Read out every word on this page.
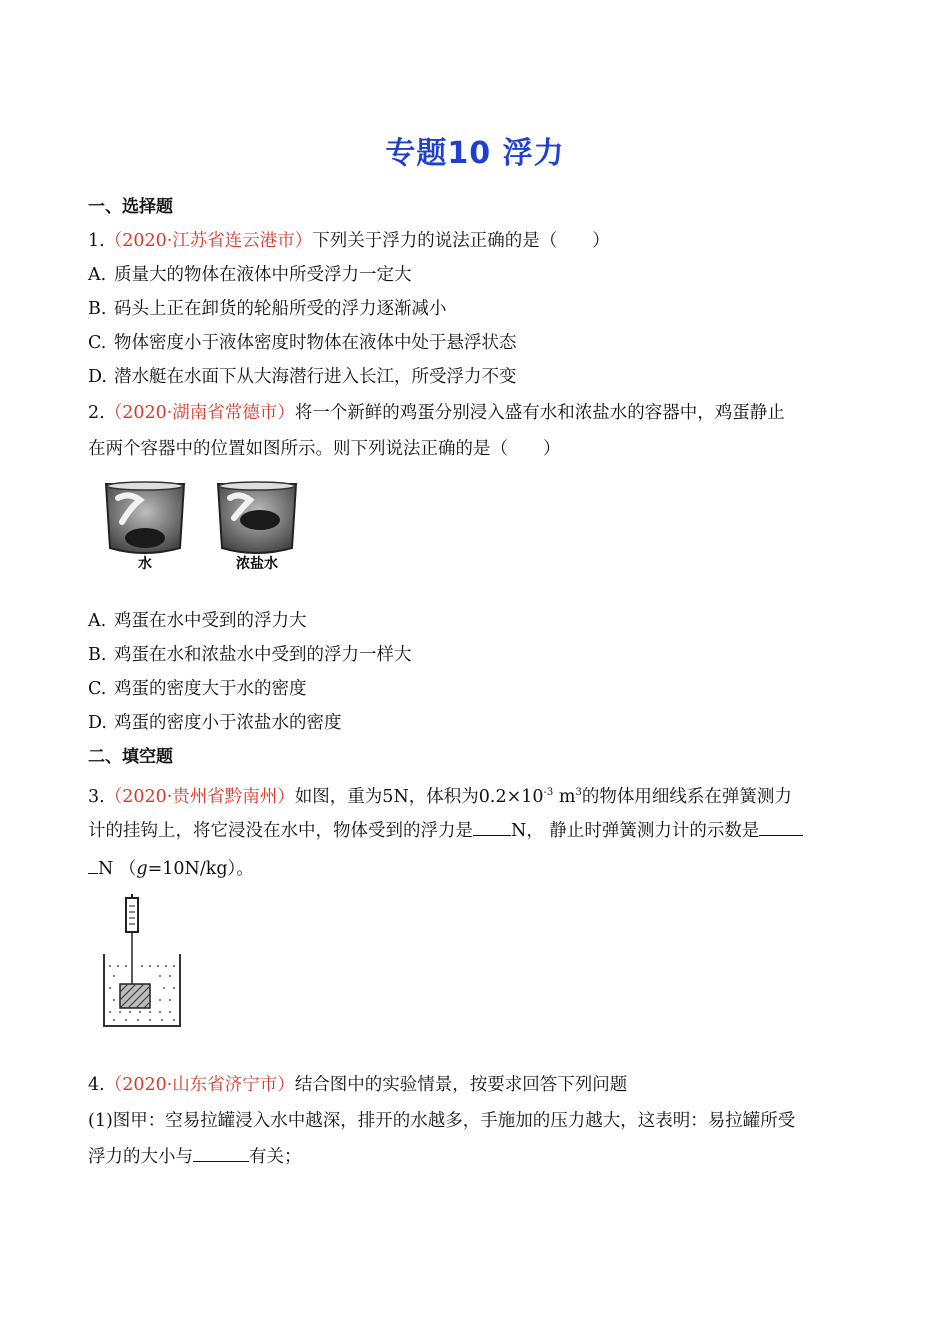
专题10 浮力
一、选择题
1.（2020·江苏省连云港市）下列关于浮力的说法正确的是（　　）
A. 质量大的物体在液体中所受浮力一定大
B. 码头上正在卸货的轮船所受的浮力逐渐减小
C. 物体密度小于液体密度时物体在液体中处于悬浮状态
D. 潜水艇在水面下从大海潜行进入长江，所受浮力不变
2.（2020·湖南省常德市）将一个新鲜的鸡蛋分别浸入盛有水和浓盐水的容器中，鸡蛋静止
在两个容器中的位置如图所示。则下列说法正确的是（　　）
水	浓盐水
A. 鸡蛋在水中受到的浮力大
B. 鸡蛋在水和浓盐水中受到的浮力一样大
C. 鸡蛋的密度大于水的密度
D. 鸡蛋的密度小于浓盐水的密度
二、填空题
3.（2020·贵州省黔南州）如图，重为5N，体积为$0.2\times 10^{-3}$ $m^3$的物体用细线系在弹簧测力
计的挂钩上，将它浸没在水中，物体受到的浮力是 N， 静止时弹簧测力计的示数是
N （g=10N/kg）。
4.（2020·山东省济宁市）结合图中的实验情景，按要求回答下列问题
(1)图甲：空易拉罐浸入水中越深，排开的水越多，手施加的压力越大，这表明：易拉罐所受
浮力的大小与	有关；
